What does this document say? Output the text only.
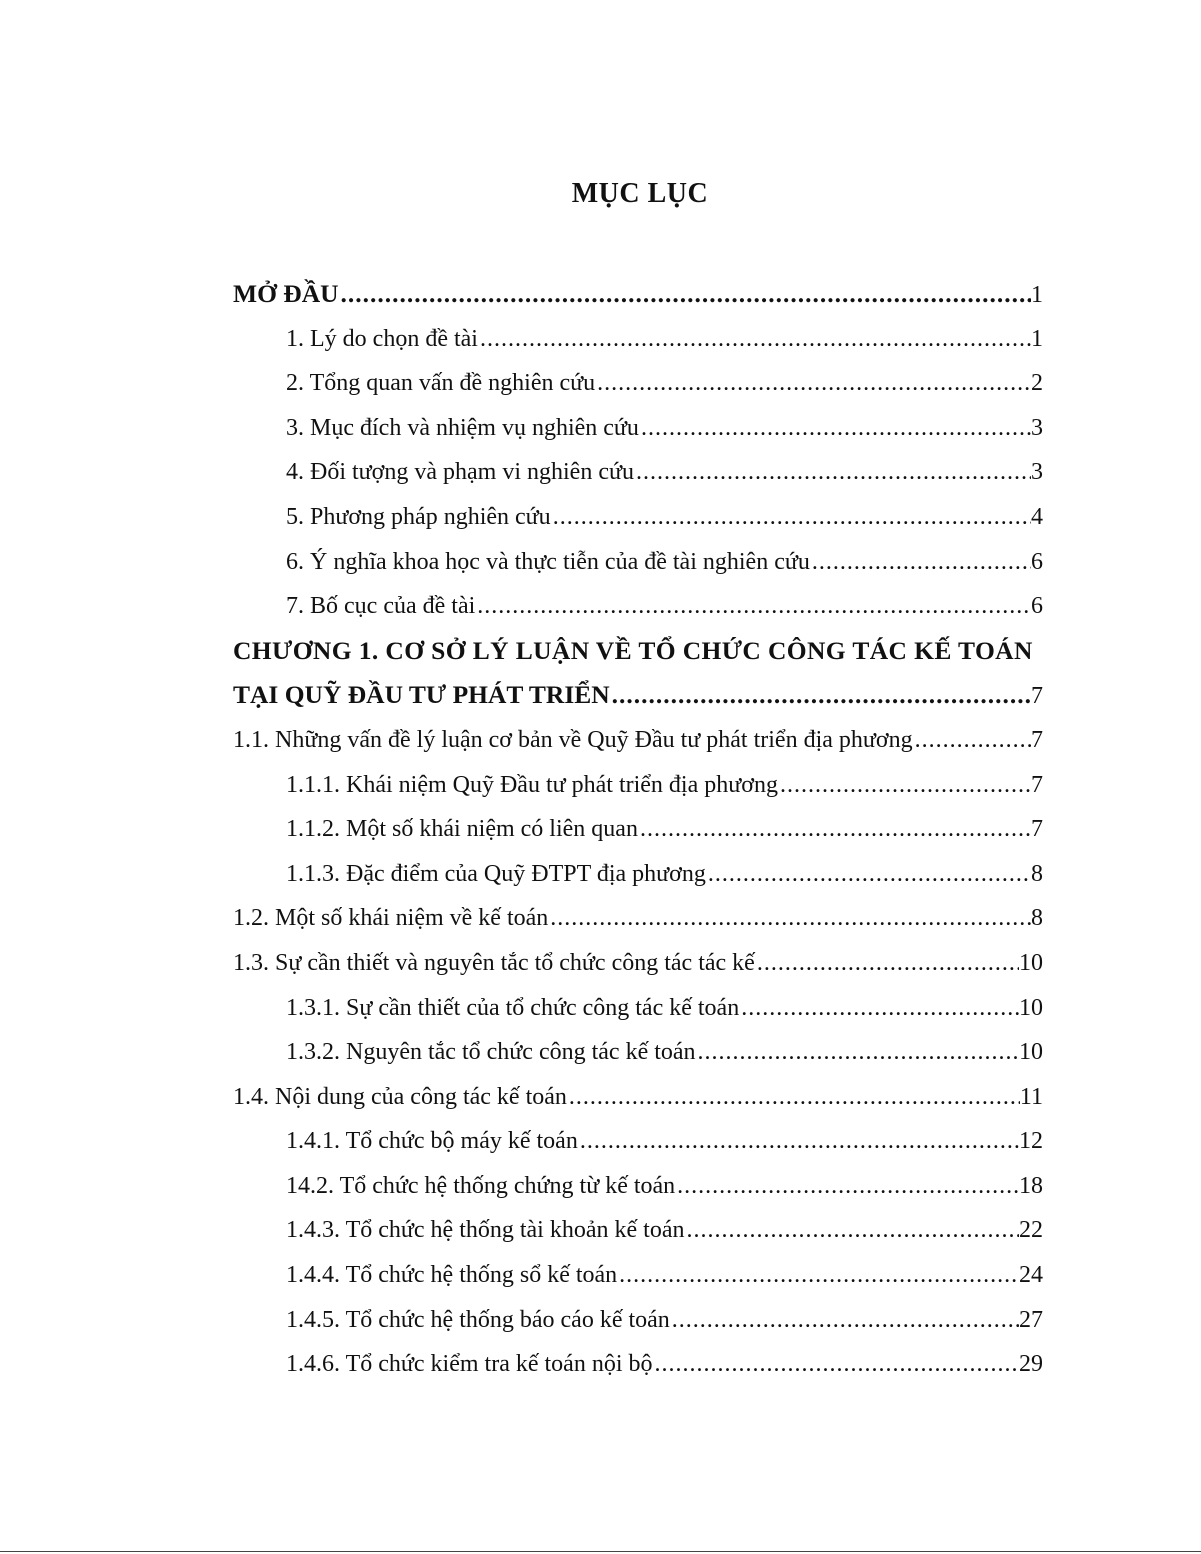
MỤC LỤC
MỞ ĐẦU .....	1
1. Lý do chọn đề tài .....	1
2. Tổng quan vấn đề nghiên cứu .....	2
3. Mục đích và nhiệm vụ nghiên cứu .....	3
4. Đối tượng và phạm vi nghiên cứu .....	3
5. Phương pháp nghiên cứu .....	4
6. Ý nghĩa khoa học và thực tiễn của đề tài nghiên cứu .....	6
7. Bố cục của đề tài .....	6
CHƯƠNG 1. CƠ SỞ LÝ LUẬN VỀ TỔ CHỨC CÔNG TÁC KẾ TOÁN
TẠI QUỸ ĐẦU TƯ PHÁT TRIỂN .....	7
1.1. Những vấn đề lý luận cơ bản về Quỹ Đầu tư phát triển địa phương .....	7
1.1.1. Khái niệm Quỹ Đầu tư phát triển địa phương .....	7
1.1.2. Một số khái niệm có liên quan .....	7
1.1.3. Đặc điểm của Quỹ ĐTPT địa phương .....	8
1.2. Một số khái niệm về kế toán .....	8
1.3. Sự cần thiết và nguyên tắc tổ chức công tác tác kế .....	10
1.3.1. Sự cần thiết của tổ chức công tác kế toán .....	10
1.3.2. Nguyên tắc tổ chức công tác kế toán .....	10
1.4. Nội dung của công tác kế toán .....	11
1.4.1. Tổ chức bộ máy kế toán .....	12
14.2. Tổ chức hệ thống chứng từ kế toán .....	18
1.4.3. Tổ chức hệ thống tài khoản kế toán .....	22
1.4.4. Tổ chức hệ thống sổ kế toán .....	24
1.4.5. Tổ chức hệ thống báo cáo kế toán .....	27
1.4.6. Tổ chức kiểm tra kế toán nội bộ .....	29
